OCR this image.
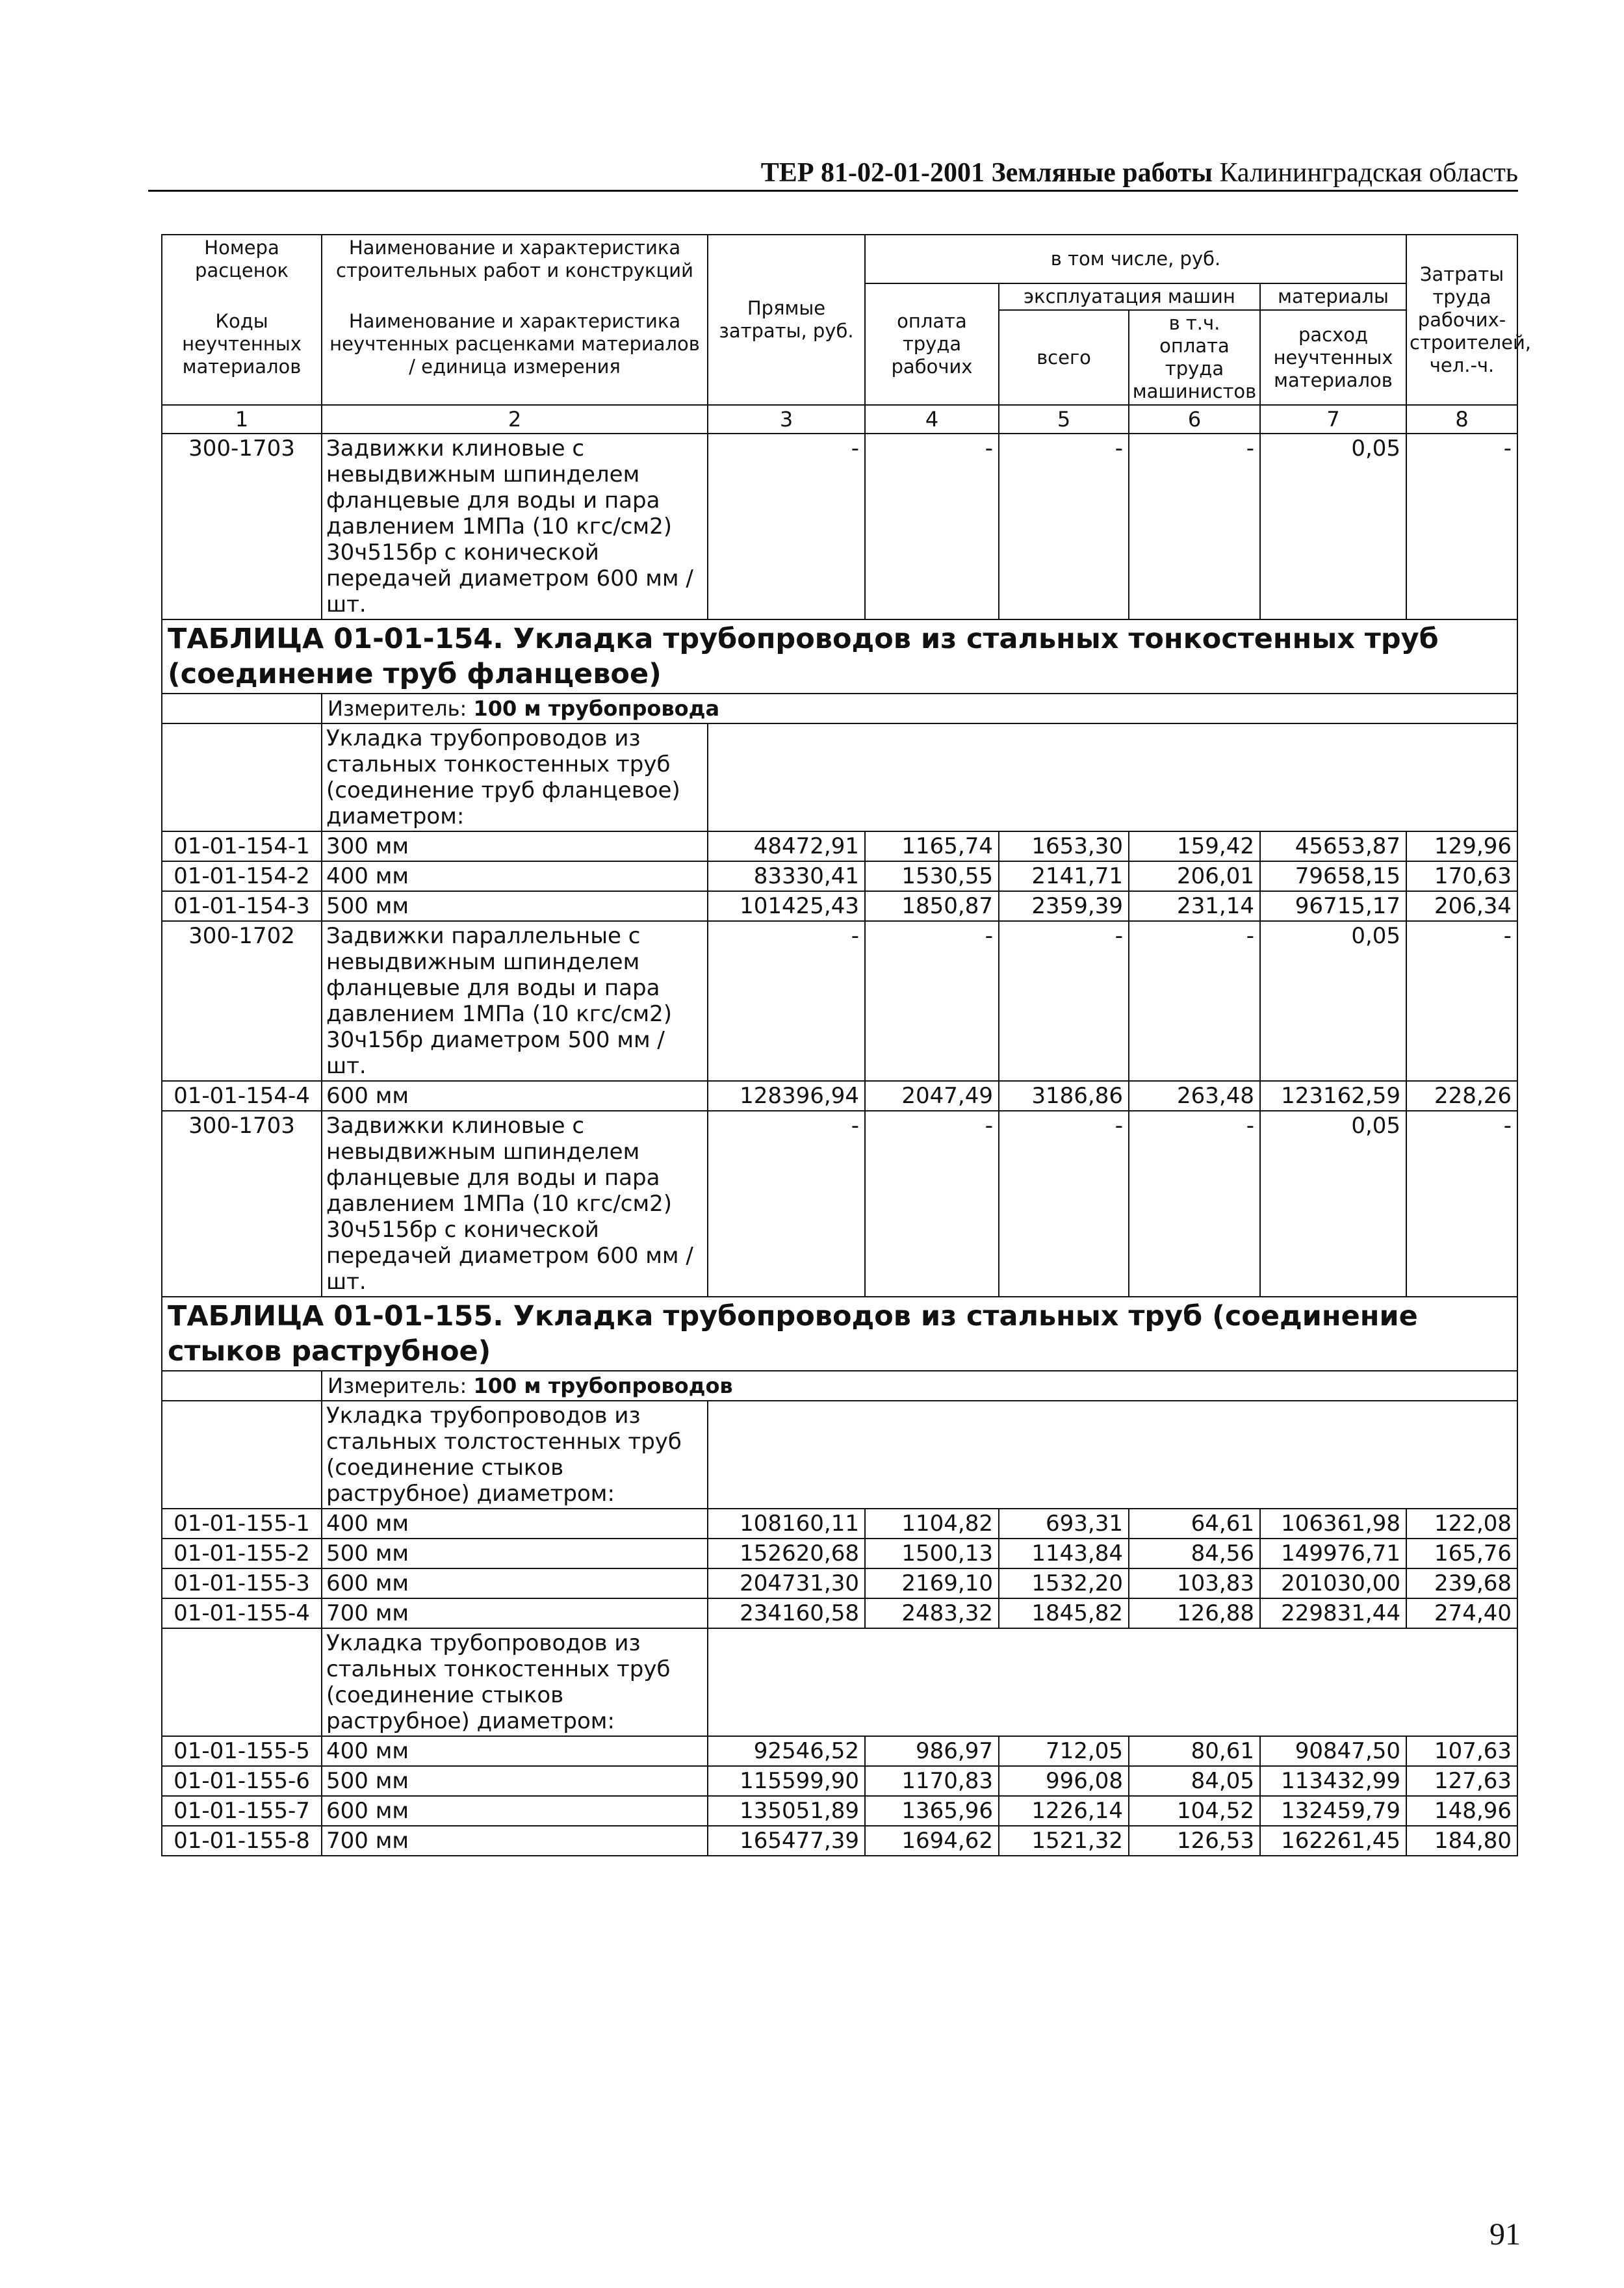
ТЕР 81-02-01-2001 Земляные работы Калининградская область
Номера расценок	Наименование и характеристика строительных работ и конструкций	Прямые затраты, руб.	в том числе, руб.				Затраты труда рабочих-строителей, чел.-ч.
Коды неучтенных материалов	Наименование и характеристика неучтенных расценками материалов / единица измерения		оплата труда рабочих	эксплуатация машин		материалы	
				всего	в т.ч. оплата труда машинистов	расход неучтенных материалов	
1	2	3	4	5	6	7	8
300-1703	Задвижки клиновые с невыдвижным шпинделем фланцевые для воды и пара давлением 1МПа (10 кгс/см2) 30ч515бр с конической передачей диаметром 600 мм / шт.	-	-	-	-	0,05	-
ТАБЛИЦА 01-01-154. Укладка трубопроводов из стальных тонкостенных труб (соединение труб фланцевое)							
	Измеритель: 100 м трубопровода						
	Укладка трубопроводов из стальных тонкостенных труб (соединение труб фланцевое) диаметром:						
01-01-154-1	300 мм	48472,91	1165,74	1653,30	159,42	45653,87	129,96
01-01-154-2	400 мм	83330,41	1530,55	2141,71	206,01	79658,15	170,63
01-01-154-3	500 мм	101425,43	1850,87	2359,39	231,14	96715,17	206,34
300-1702	Задвижки параллельные с невыдвижным шпинделем фланцевые для воды и пара давлением 1МПа (10 кгс/см2) 30ч15бр диаметром 500 мм / шт.	-	-	-	-	0,05	-
01-01-154-4	600 мм	128396,94	2047,49	3186,86	263,48	123162,59	228,26
300-1703	Задвижки клиновые с невыдвижным шпинделем фланцевые для воды и пара давлением 1МПа (10 кгс/см2) 30ч515бр с конической передачей диаметром 600 мм / шт.	-	-	-	-	0,05	-
ТАБЛИЦА 01-01-155. Укладка трубопроводов из стальных труб (соединение стыков раструбное)							
	Измеритель: 100 м трубопроводов						
	Укладка трубопроводов из стальных толстостенных труб (соединение стыков раструбное) диаметром:						
01-01-155-1	400 мм	108160,11	1104,82	693,31	64,61	106361,98	122,08
01-01-155-2	500 мм	152620,68	1500,13	1143,84	84,56	149976,71	165,76
01-01-155-3	600 мм	204731,30	2169,10	1532,20	103,83	201030,00	239,68
01-01-155-4	700 мм	234160,58	2483,32	1845,82	126,88	229831,44	274,40
	Укладка трубопроводов из стальных тонкостенных труб (соединение стыков раструбное) диаметром:						
01-01-155-5	400 мм	92546,52	986,97	712,05	80,61	90847,50	107,63
01-01-155-6	500 мм	115599,90	1170,83	996,08	84,05	113432,99	127,63
01-01-155-7	600 мм	135051,89	1365,96	1226,14	104,52	132459,79	148,96
01-01-155-8	700 мм	165477,39	1694,62	1521,32	126,53	162261,45	184,80
91
